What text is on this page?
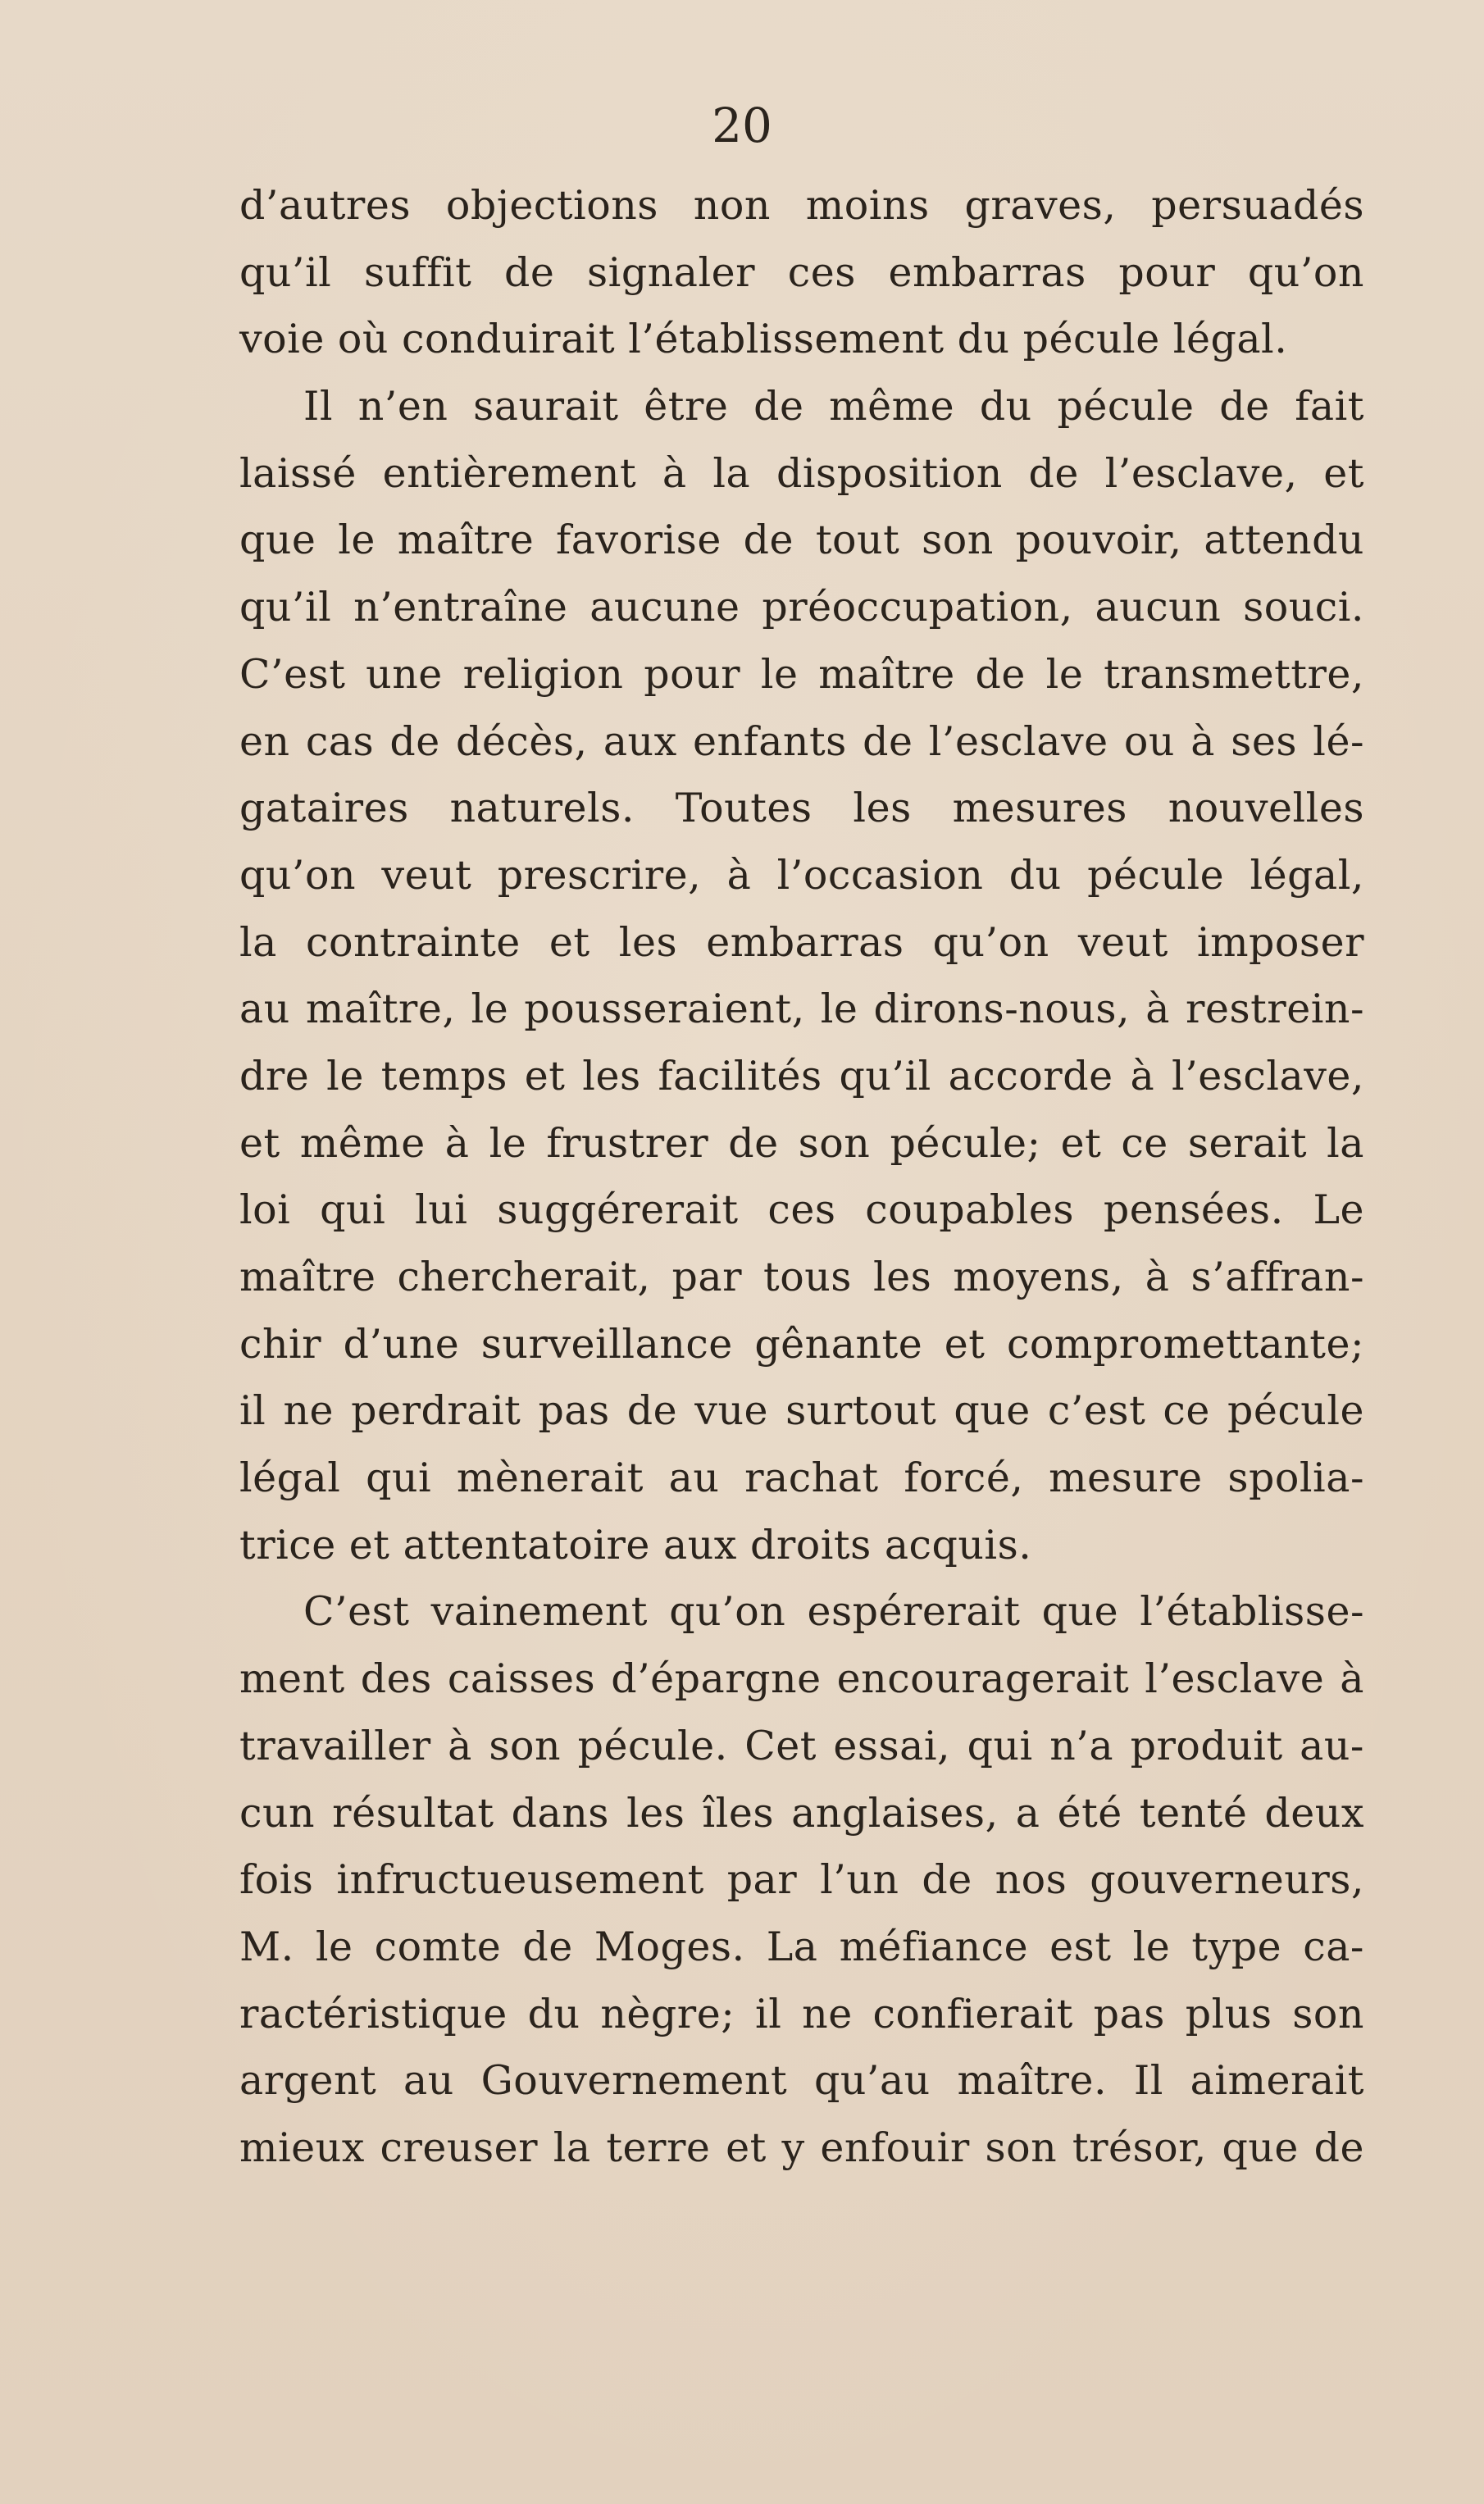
20
d’autres objections non moins graves, persuadés
qu’il suffit de signaler ces embarras pour qu’on
voie où conduirait l’établissement du pécule légal.
Il n’en saurait être de même du pécule de fait
laissé entièrement à la disposition de l’esclave, et
que le maître favorise de tout son pouvoir, attendu
qu’il n’entraîne aucune préoccupation, aucun souci.
C’est une religion pour le maître de le transmettre,
en cas de décès, aux enfants de l’esclave ou à ses lé-
gataires naturels. Toutes les mesures nouvelles
qu’on veut prescrire, à l’occasion du pécule légal,
la contrainte et les embarras qu’on veut imposer
au maître, le pousseraient, le dirons-nous, à restrein-
dre le temps et les facilités qu’il accorde à l’esclave,
et même à le frustrer de son pécule; et ce serait la
loi qui lui suggérerait ces coupables pensées. Le
maître chercherait, par tous les moyens, à s’affran-
chir d’une surveillance gênante et compromettante;
il ne perdrait pas de vue surtout que c’est ce pécule
légal qui mènerait au rachat forcé, mesure spolia-
trice et attentatoire aux droits acquis.
C’est vainement qu’on espérerait que l’établisse-
ment des caisses d’épargne encouragerait l’esclave à
travailler à son pécule. Cet essai, qui n’a produit au-
cun résultat dans les îles anglaises, a été tenté deux
fois infructueusement par l’un de nos gouverneurs,
M. le comte de Moges. La méfiance est le type ca-
ractéristique du nègre; il ne confierait pas plus son
argent au Gouvernement qu’au maître. Il aimerait
mieux creuser la terre et y enfouir son trésor, que de
